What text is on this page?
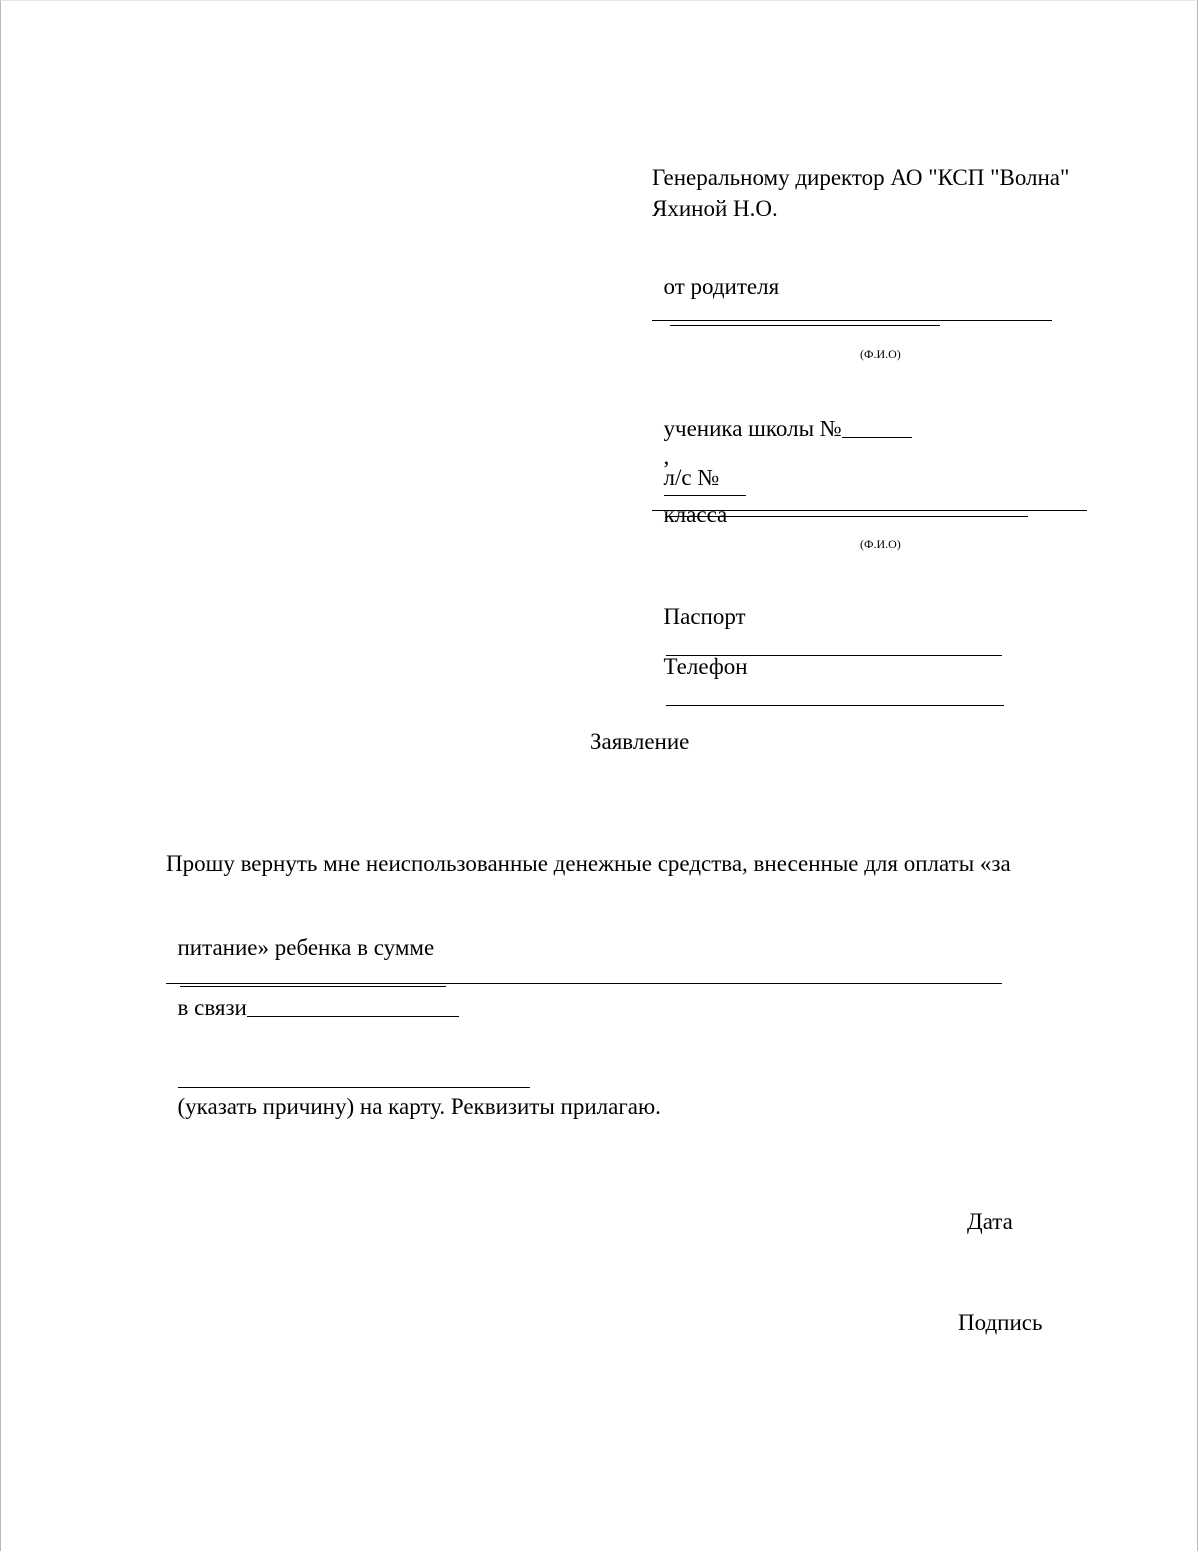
Генеральному директор АО "КСП "Волна"
Яхиной Н.О.

от родителя

(Ф.И.О)

ученика школы №
,

класса

л/с №

(Ф.И.О)

Паспорт

Телефон

Заявление
Прошу вернуть мне неиспользованные денежные средства, внесенные для оплаты «за

питание» ребенка в сумме

в связи

(указать причину) на карту. Реквизиты прилагаю.

Дата
Подпись
